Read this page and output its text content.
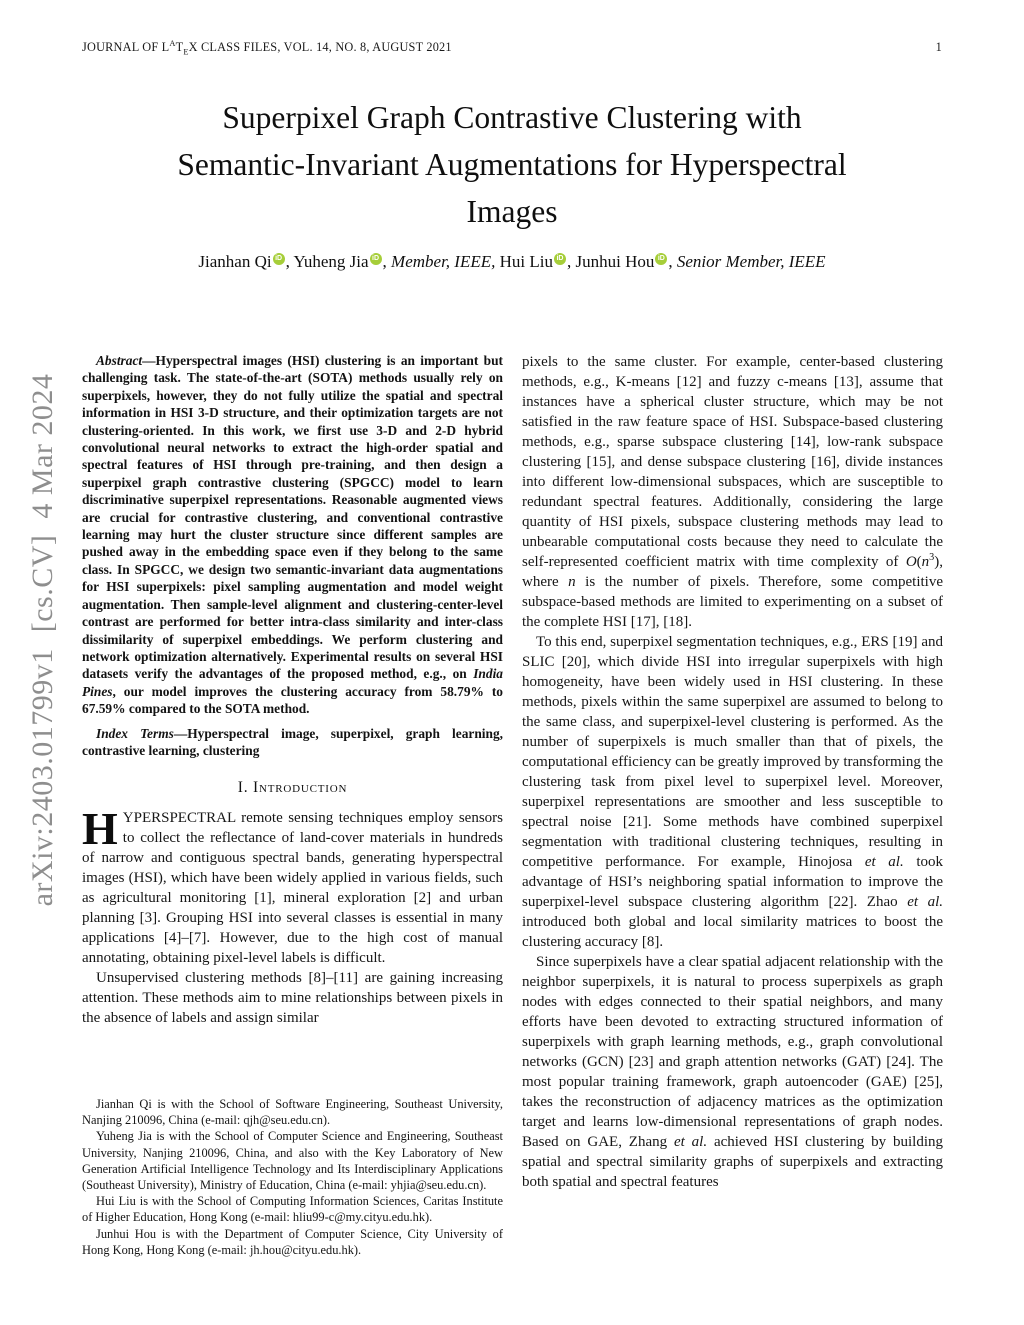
JOURNAL OF $L^AT_EX$ CLASS FILES, VOL. 14, NO. 8, AUGUST 2021	1
arXiv:2403.01799v1  [cs.CV]  4 Mar 2024
Superpixel Graph Contrastive Clustering with
Semantic-Invariant Augmentations for Hyperspectral
Images
Jianhan Qi iD , Yuheng Jia iD , Member, IEEE, Hui Liu iD , Junhui Hou iD , Senior Member, IEEE

Abstract—Hyperspectral images (HSI) clustering is an important but challenging task. The state-of-the-art (SOTA) methods usually rely on superpixels, however, they do not fully utilize the spatial and spectral information in HSI 3-D structure, and their optimization targets are not clustering-oriented. In this work, we first use 3-D and 2-D hybrid convolutional neural networks to extract the high-order spatial and spectral features of HSI through pre-training, and then design a superpixel graph contrastive clustering (SPGCC) model to learn discriminative superpixel representations. Reasonable augmented views are crucial for contrastive clustering, and conventional contrastive learning may hurt the cluster structure since different samples are pushed away in the embedding space even if they belong to the same class. In SPGCC, we design two semantic-invariant data augmentations for HSI superpixels: pixel sampling augmentation and model weight augmentation. Then sample-level alignment and clustering-center-level contrast are performed for better intra-class similarity and inter-class dissimilarity of superpixel embeddings. We perform clustering and network optimization alternatively. Experimental results on several HSI datasets verify the advantages of the proposed method, e.g., on India Pines, our model improves the clustering accuracy from 58.79% to 67.59% compared to the SOTA method.

Index Terms—Hyperspectral image, superpixel, graph learning, contrastive learning, clustering

I. Introduction

HYPERSPECTRAL remote sensing techniques employ sensors to collect the reflectance of land-cover materials in hundreds of narrow and contiguous spectral bands, generating hyperspectral images (HSI), which have been widely applied in various fields, such as agricultural monitoring [1], mineral exploration [2] and urban planning [3]. Grouping HSI into several classes is essential in many applications [4]–[7]. However, due to the high cost of manual annotating, obtaining pixel-level labels is difficult.

Unsupervised clustering methods [8]–[11] are gaining increasing attention. These methods aim to mine relationships between pixels in the absence of labels and assign similar

Jianhan Qi is with the School of Software Engineering, Southeast University, Nanjing 210096, China (e-mail: qjh@seu.edu.cn).

Yuheng Jia is with the School of Computer Science and Engineering, Southeast University, Nanjing 210096, China, and also with the Key Laboratory of New Generation Artificial Intelligence Technology and Its Interdisciplinary Applications (Southeast University), Ministry of Education, China (e-mail: yhjia@seu.edu.cn).

Hui Liu is with the School of Computing Information Sciences, Caritas Institute of Higher Education, Hong Kong (e-mail: hliu99-c@my.cityu.edu.hk).

Junhui Hou is with the Department of Computer Science, City University of Hong Kong, Hong Kong (e-mail: jh.hou@cityu.edu.hk).

pixels to the same cluster. For example, center-based clustering methods, e.g., K-means [12] and fuzzy c-means [13], assume that instances have a spherical cluster structure, which may be not satisfied in the raw feature space of HSI. Subspace-based clustering methods, e.g., sparse subspace clustering [14], low-rank subspace clustering [15], and dense subspace clustering [16], divide instances into different low-dimensional subspaces, which are susceptible to redundant spectral features. Additionally, considering the large quantity of HSI pixels, subspace clustering methods may lead to unbearable computational costs because they need to calculate the self-represented coefficient matrix with time complexity of $O(n^3)$, where n is the number of pixels. Therefore, some competitive subspace-based methods are limited to experimenting on a subset of the complete HSI [17], [18].

To this end, superpixel segmentation techniques, e.g., ERS [19] and SLIC [20], which divide HSI into irregular superpixels with high homogeneity, have been widely used in HSI clustering. In these methods, pixels within the same superpixel are assumed to belong to the same class, and superpixel-level clustering is performed. As the number of superpixels is much smaller than that of pixels, the computational efficiency can be greatly improved by transforming the clustering task from pixel level to superpixel level. Moreover, superpixel representations are smoother and less susceptible to spectral noise [21]. Some methods have combined superpixel segmentation with traditional clustering techniques, resulting in competitive performance. For example, Hinojosa et al. took advantage of HSI’s neighboring spatial information to improve the superpixel-level subspace clustering algorithm [22]. Zhao et al. introduced both global and local similarity matrices to boost the clustering accuracy [8].

Since superpixels have a clear spatial adjacent relationship with the neighbor superpixels, it is natural to process superpixels as graph nodes with edges connected to their spatial neighbors, and many efforts have been devoted to extracting structured information of superpixels with graph learning methods, e.g., graph convolutional networks (GCN) [23] and graph attention networks (GAT) [24]. The most popular training framework, graph autoencoder (GAE) [25], takes the reconstruction of adjacency matrices as the optimization target and learns low-dimensional representations of graph nodes. Based on GAE, Zhang et al. achieved HSI clustering by building spatial and spectral similarity graphs of superpixels and extracting both spatial and spectral features
